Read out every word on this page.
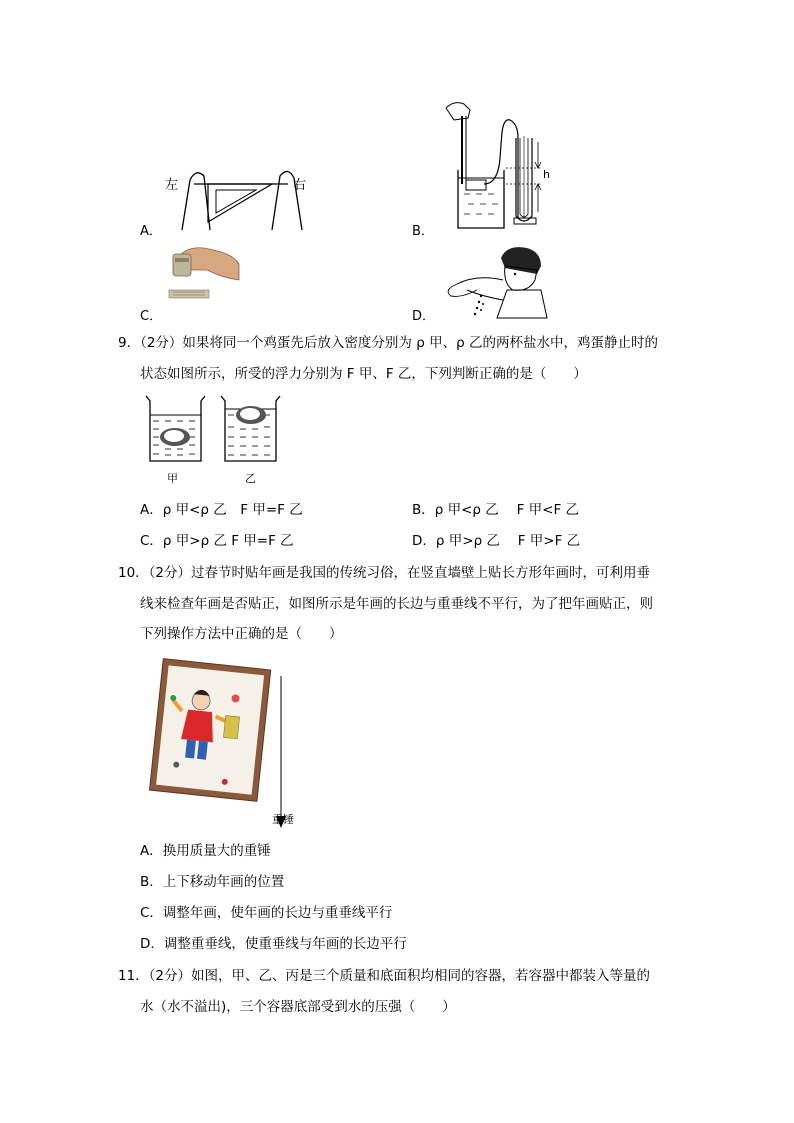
左	右
A．
h
B．
C．	D．
9．（2分）如果将同一个鸡蛋先后放入密度分别为 ρ 甲、ρ 乙的两杯盐水中，鸡蛋静止时的
状态如图所示，所受的浮力分别为 F 甲、F 乙，下列判断正确的是（　　）
甲	乙
A．ρ 甲<ρ 乙　F 甲=F 乙	B．ρ 甲<ρ 乙　 F 甲<F 乙
C．ρ 甲>ρ 乙 F 甲=F 乙	D．ρ 甲>ρ 乙　 F 甲>F 乙
10．（2分）过春节时贴年画是我国的传统习俗，在竖直墙壁上贴长方形年画时，可利用垂
线来检查年画是否贴正，如图所示是年画的长边与重垂线不平行，为了把年画贴正，则
下列操作方法中正确的是（　　）
重锤
A．换用质量大的重锤
B．上下移动年画的位置
C．调整年画，使年画的长边与重垂线平行
D．调整重垂线，使重垂线与年画的长边平行
11．（2分）如图，甲、乙、丙是三个质量和底面积均相同的容器，若容器中都装入等量的
水（水不溢出)，三个容器底部受到水的压强（　　）
